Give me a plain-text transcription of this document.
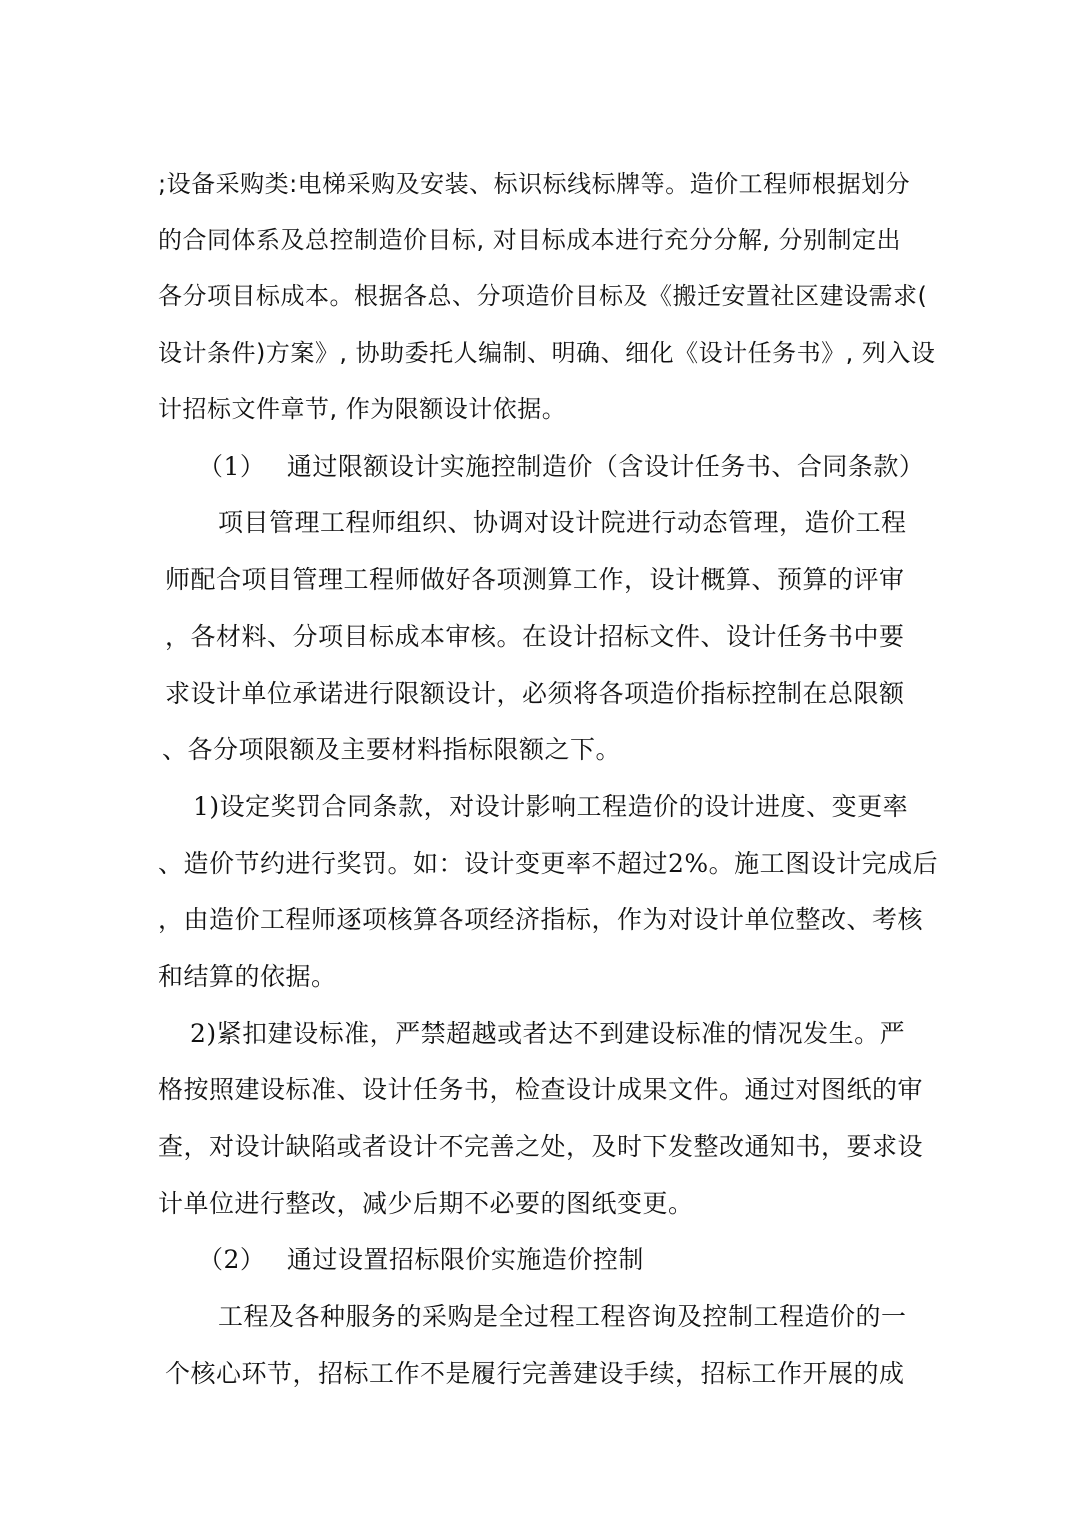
;设备采购类:电梯采购及安装、标识标线标牌等。造价工程师根据划分
的合同体系及总控制造价目标, 对目标成本进行充分分解, 分别制定出
各分项目标成本。根据各总、分项造价目标及《搬迁安置社区建设需求(
设计条件)方案》, 协助委托人编制、明确、细化《设计任务书》, 列入设
计招标文件章节, 作为限额设计依据。
（1）　 通过限额设计实施控制造价（含设计任务书、合同条款）
项目管理工程师组织、协调对设计院进行动态管理，造价工程
师配合项目管理工程师做好各项测算工作，设计概算、预算的评审
，各材料、分项目标成本审核。在设计招标文件、设计任务书中要
求设计单位承诺进行限额设计，必须将各项造价指标控制在总限额
、各分项限额及主要材料指标限额之下。
1)设定奖罚合同条款，对设计影响工程造价的设计进度、变更率
、造价节约进行奖罚。如：设计变更率不超过2%。施工图设计完成后
，由造价工程师逐项核算各项经济指标，作为对设计单位整改、考核
和结算的依据。
2)紧扣建设标准，严禁超越或者达不到建设标准的情况发生。严
格按照建设标准、设计任务书，检查设计成果文件。通过对图纸的审
查，对设计缺陷或者设计不完善之处，及时下发整改通知书，要求设
计单位进行整改，减少后期不必要的图纸变更。
（2）　 通过设置招标限价实施造价控制
工程及各种服务的采购是全过程工程咨询及控制工程造价的一
个核心环节，招标工作不是履行完善建设手续，招标工作开展的成
